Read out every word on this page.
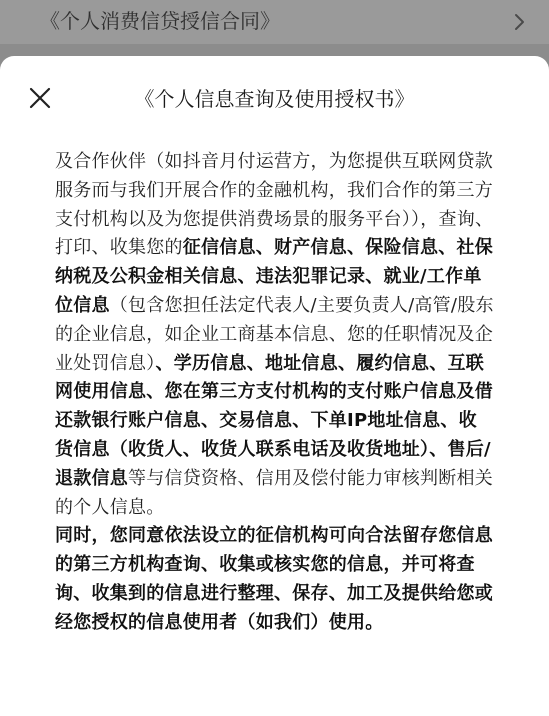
《个人消费信贷授信合同》
《个人信息查询及使用授权书》

及合作伙伴（如抖音月付运营方，为您提供互联网贷款服务而与我们开展合作的金融机构，我们合作的第三方支付机构以及为您提供消费场景的服务平台）），查询、打印、收集您的征信信息、财产信息、保险信息、社保纳税及公积金相关信息、违法犯罪记录、就业/工作单位信息（包含您担任法定代表人/主要负责人/高管/股东的企业信息，如企业工商基本信息、您的任职情况及企业处罚信息）、学历信息、地址信息、履约信息、互联网使用信息、您在第三方支付机构的支付账户信息及借还款银行账户信息、交易信息、下单IP地址信息、收货信息（收货人、收货人联系电话及收货地址）、售后/退款信息等与信贷资格、信用及偿付能力审核判断相关的个人信息。

同时，您同意依法设立的征信机构可向合法留存您信息的第三方机构查询、收集或核实您的信息，并可将查询、收集到的信息进行整理、保存、加工及提供给您或经您授权的信息使用者（如我们）使用。
